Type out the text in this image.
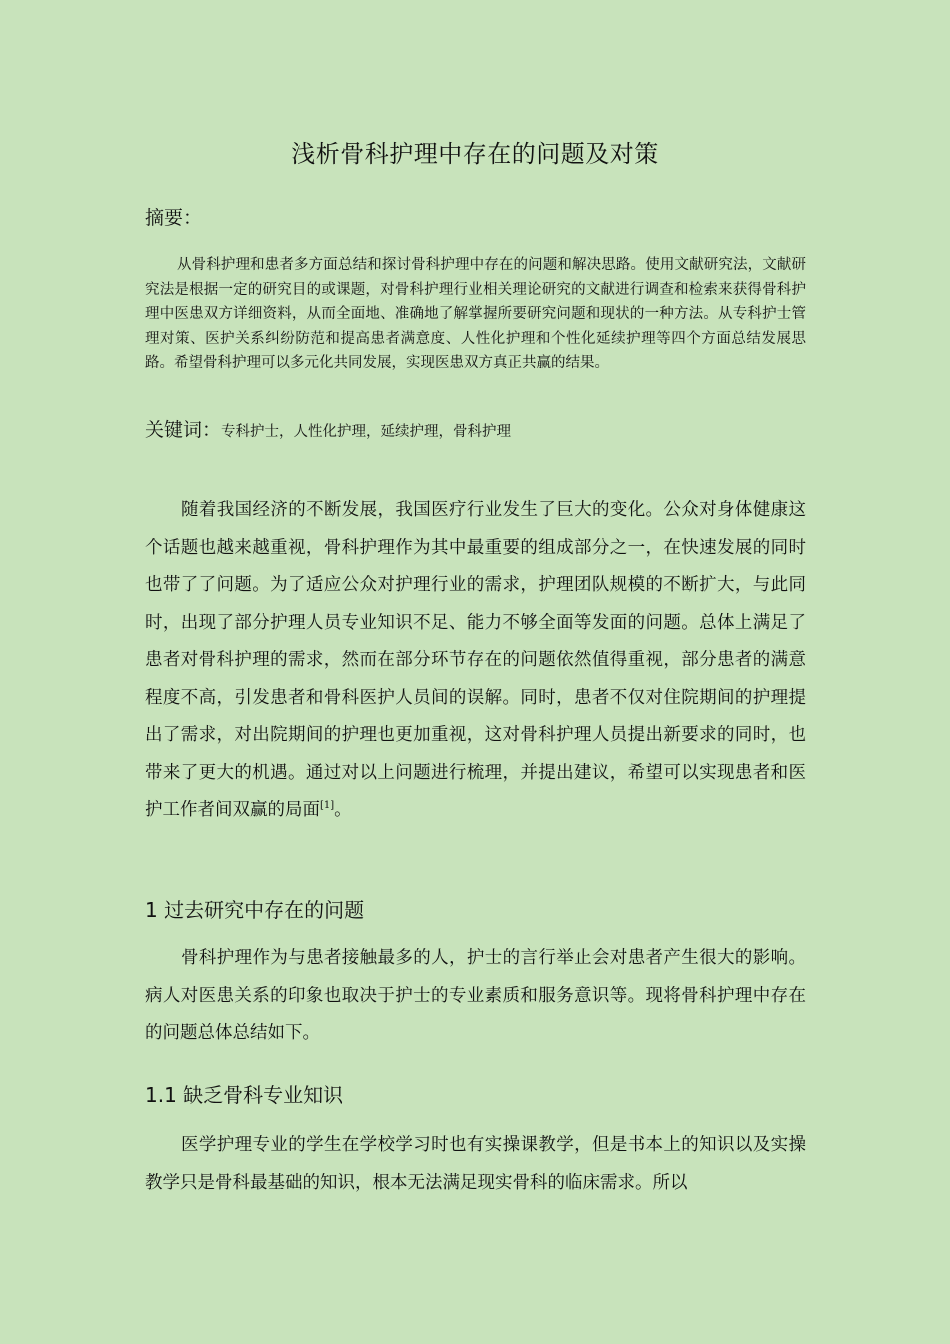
浅析骨科护理中存在的问题及对策
摘要：
从骨科护理和患者多方面总结和探讨骨科护理中存在的问题和解决思路。使用文献研究法，文献研究法是根据一定的研究目的或课题，对骨科护理行业相关理论研究的文献进行调查和检索来获得骨科护理中医患双方详细资料，从而全面地、准确地了解掌握所要研究问题和现状的一种方法。从专科护士管理对策、医护关系纠纷防范和提高患者满意度、人性化护理和个性化延续护理等四个方面总结发展思路。希望骨科护理可以多元化共同发展，实现医患双方真正共赢的结果。
关键词：专科护士，人性化护理，延续护理，骨科护理
随着我国经济的不断发展，我国医疗行业发生了巨大的变化。公众对身体健康这个话题也越来越重视，骨科护理作为其中最重要的组成部分之一，在快速发展的同时也带了了问题。为了适应公众对护理行业的需求，护理团队规模的不断扩大，与此同时，出现了部分护理人员专业知识不足、能力不够全面等发面的问题。总体上满足了患者对骨科护理的需求，然而在部分环节存在的问题依然值得重视，部分患者的满意程度不高，引发患者和骨科医护人员间的误解。同时，患者不仅对住院期间的护理提出了需求，对出院期间的护理也更加重视，这对骨科护理人员提出新要求的同时，也带来了更大的机遇。通过对以上问题进行梳理，并提出建议，希望可以实现患者和医护工作者间双赢的局面[1]。
1 过去研究中存在的问题
骨科护理作为与患者接触最多的人，护士的言行举止会对患者产生很大的影响。病人对医患关系的印象也取决于护士的专业素质和服务意识等。现将骨科护理中存在的问题总体总结如下。
1.1 缺乏骨科专业知识
医学护理专业的学生在学校学习时也有实操课教学，但是书本上的知识以及实操教学只是骨科最基础的知识，根本无法满足现实骨科的临床需求。所以
